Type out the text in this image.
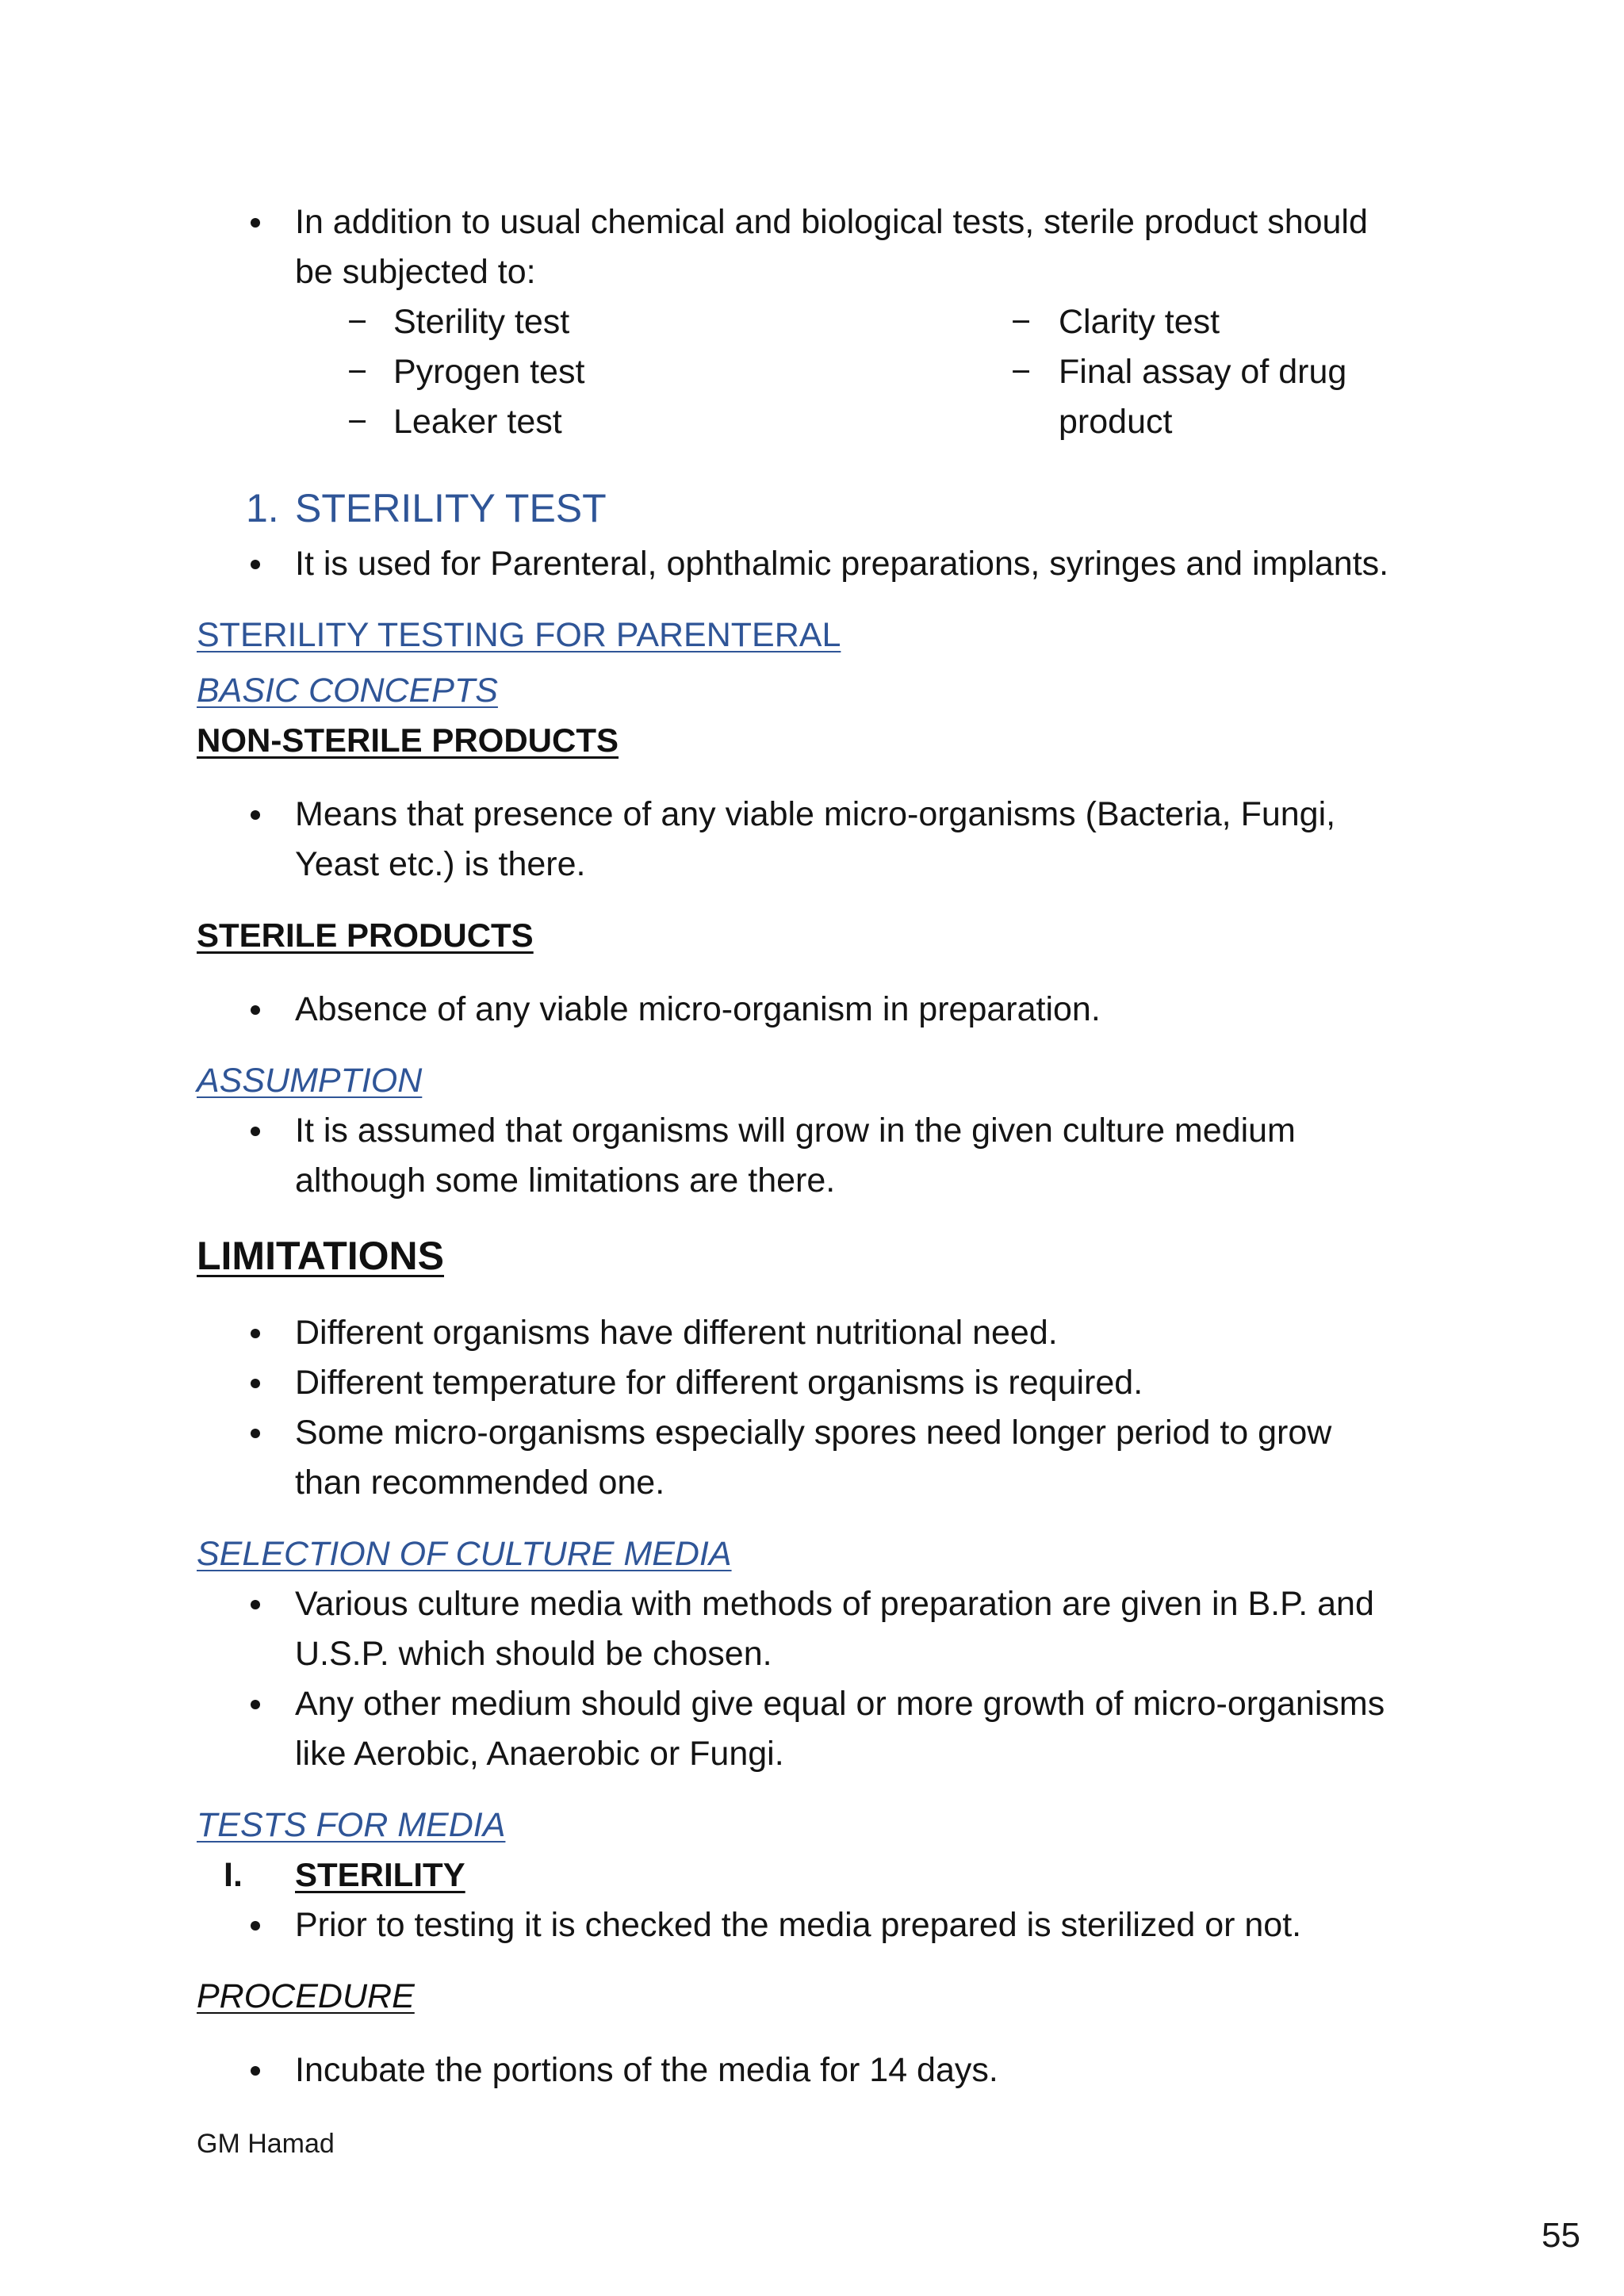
In addition to usual chemical and biological tests, sterile product should
be subjected to:
− Sterility test
− Pyrogen test
− Leaker test
− Clarity test
− Final assay of drug
product
1. STERILITY TEST
It is used for Parenteral, ophthalmic preparations, syringes and implants.
STERILITY TESTING FOR PARENTERAL
BASIC CONCEPTS
NON-STERILE PRODUCTS
Means that presence of any viable micro-organisms (Bacteria, Fungi,
Yeast etc.) is there.
STERILE PRODUCTS
Absence of any viable micro-organism in preparation.
ASSUMPTION
It is assumed that organisms will grow in the given culture medium
although some limitations are there.
LIMITATIONS
Different organisms have different nutritional need.
Different temperature for different organisms is required.
Some micro-organisms especially spores need longer period to grow
than recommended one.
SELECTION OF CULTURE MEDIA
Various culture media with methods of preparation are given in B.P. and
U.S.P. which should be chosen.
Any other medium should give equal or more growth of micro-organisms
like Aerobic, Anaerobic or Fungi.
TESTS FOR MEDIA
I. STERILITY
Prior to testing it is checked the media prepared is sterilized or not.
PROCEDURE
Incubate the portions of the media for 14 days.
GM Hamad
55
